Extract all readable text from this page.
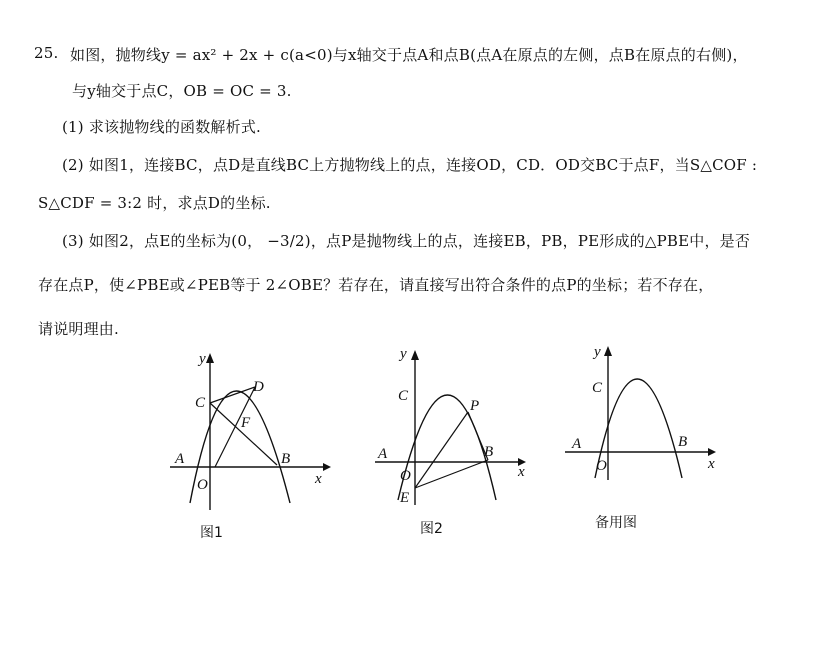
25. 如图，抛物线y = ax² + 2x + c(a<0)与x轴交于点A和点B(点A在原点的左侧，点B在原点的右侧)，
与y轴交于点C，OB = OC = 3.
(1) 求该抛物线的函数解析式.
(2) 如图1，连接BC，点D是直线BC上方抛物线上的点，连接OD，CD．OD交BC于点F，当S△COF :
S△CDF = 3:2 时，求点D的坐标.
(3) 如图2，点E的坐标为(0， −3/2)，点P是抛物线上的点，连接EB，PB，PE形成的△PBE中，是否
存在点P，使∠PBE或∠PEB等于 2∠OBE？若存在，请直接写出符合条件的点P的坐标；若不存在，
请说明理由.
y
x
O
A	B
C
D
F
图1
y
x
O
A	B
C
P
E
图2
y
x
O
A	B
C
备用图
